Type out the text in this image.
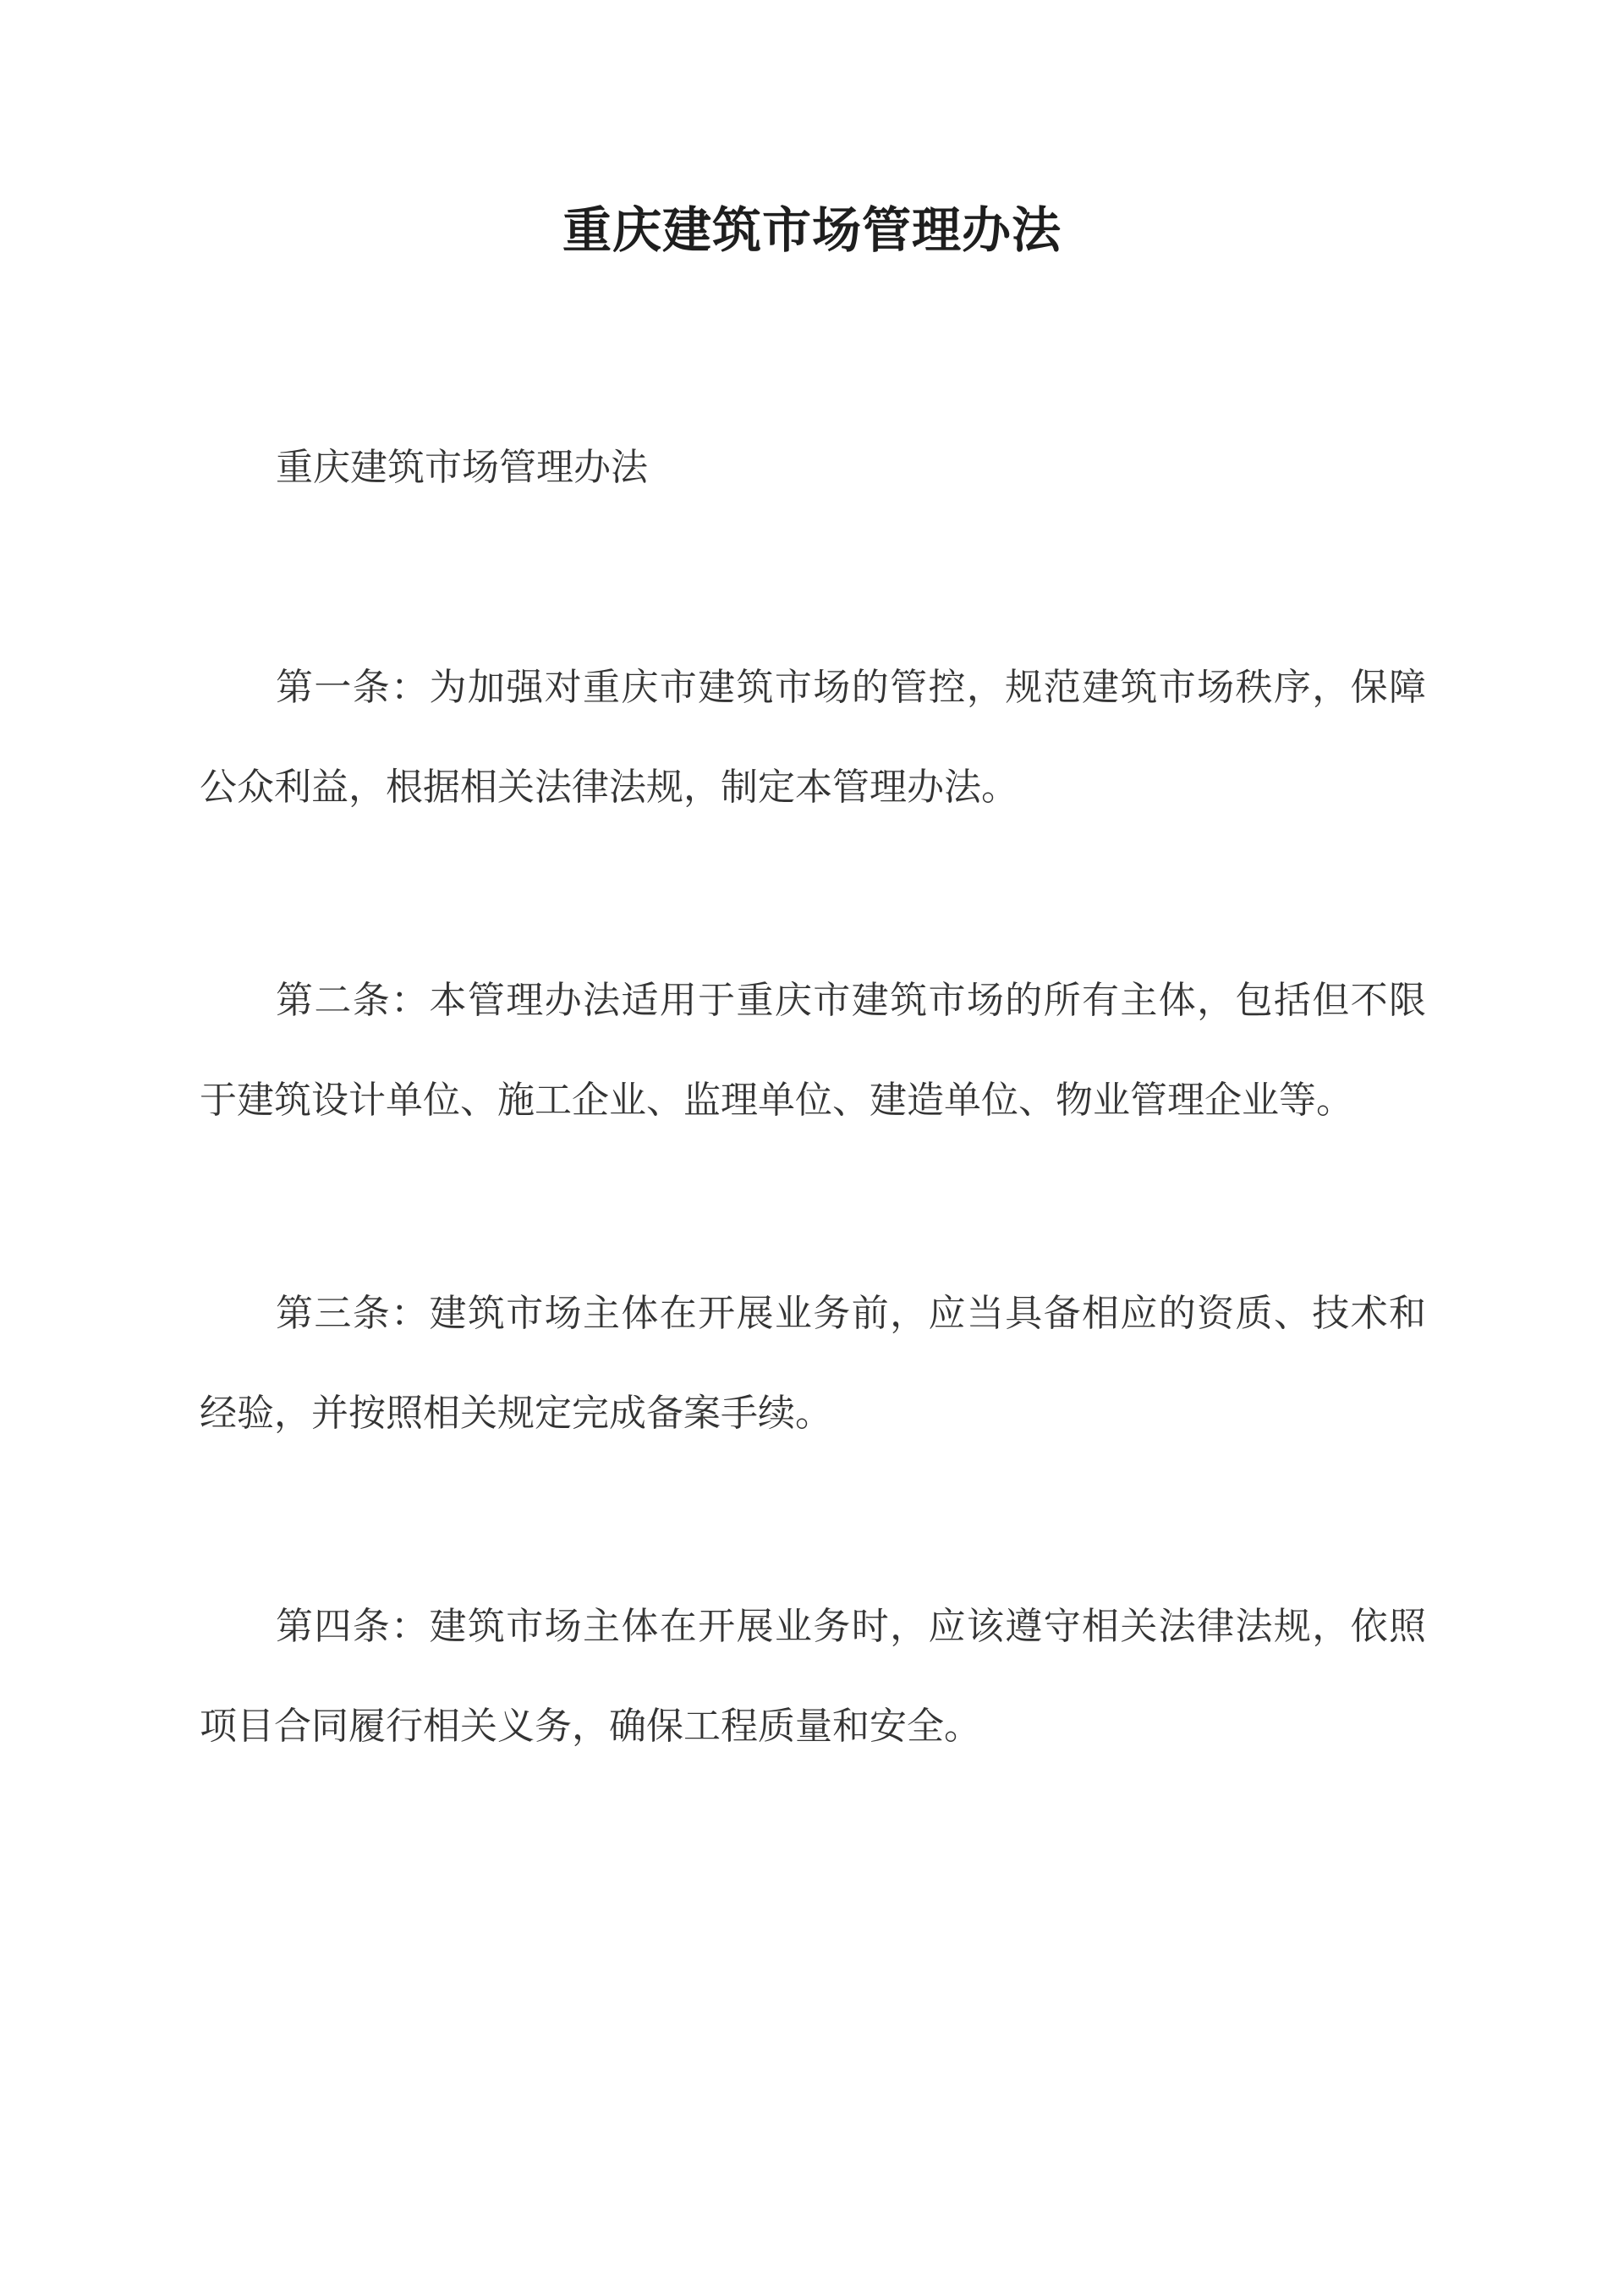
重庆建筑市场管理办法
重庆建筑市场管理办法

第一条：为加强对重庆市建筑市场的管控，规范建筑市场秩序，保障公众利益，根据相关法律法规，制定本管理办法。

第二条：本管理办法适用于重庆市建筑市场的所有主体，包括但不限于建筑设计单位、施工企业、监理单位、建造单位、物业管理企业等。

第三条：建筑市场主体在开展业务前，应当具备相应的资质、技术和经验，并按照相关规定完成备案手续。

第四条：建筑市场主体在开展业务时，应该遵守相关法律法规，依照项目合同履行相关义务，确保工程质量和安全。
